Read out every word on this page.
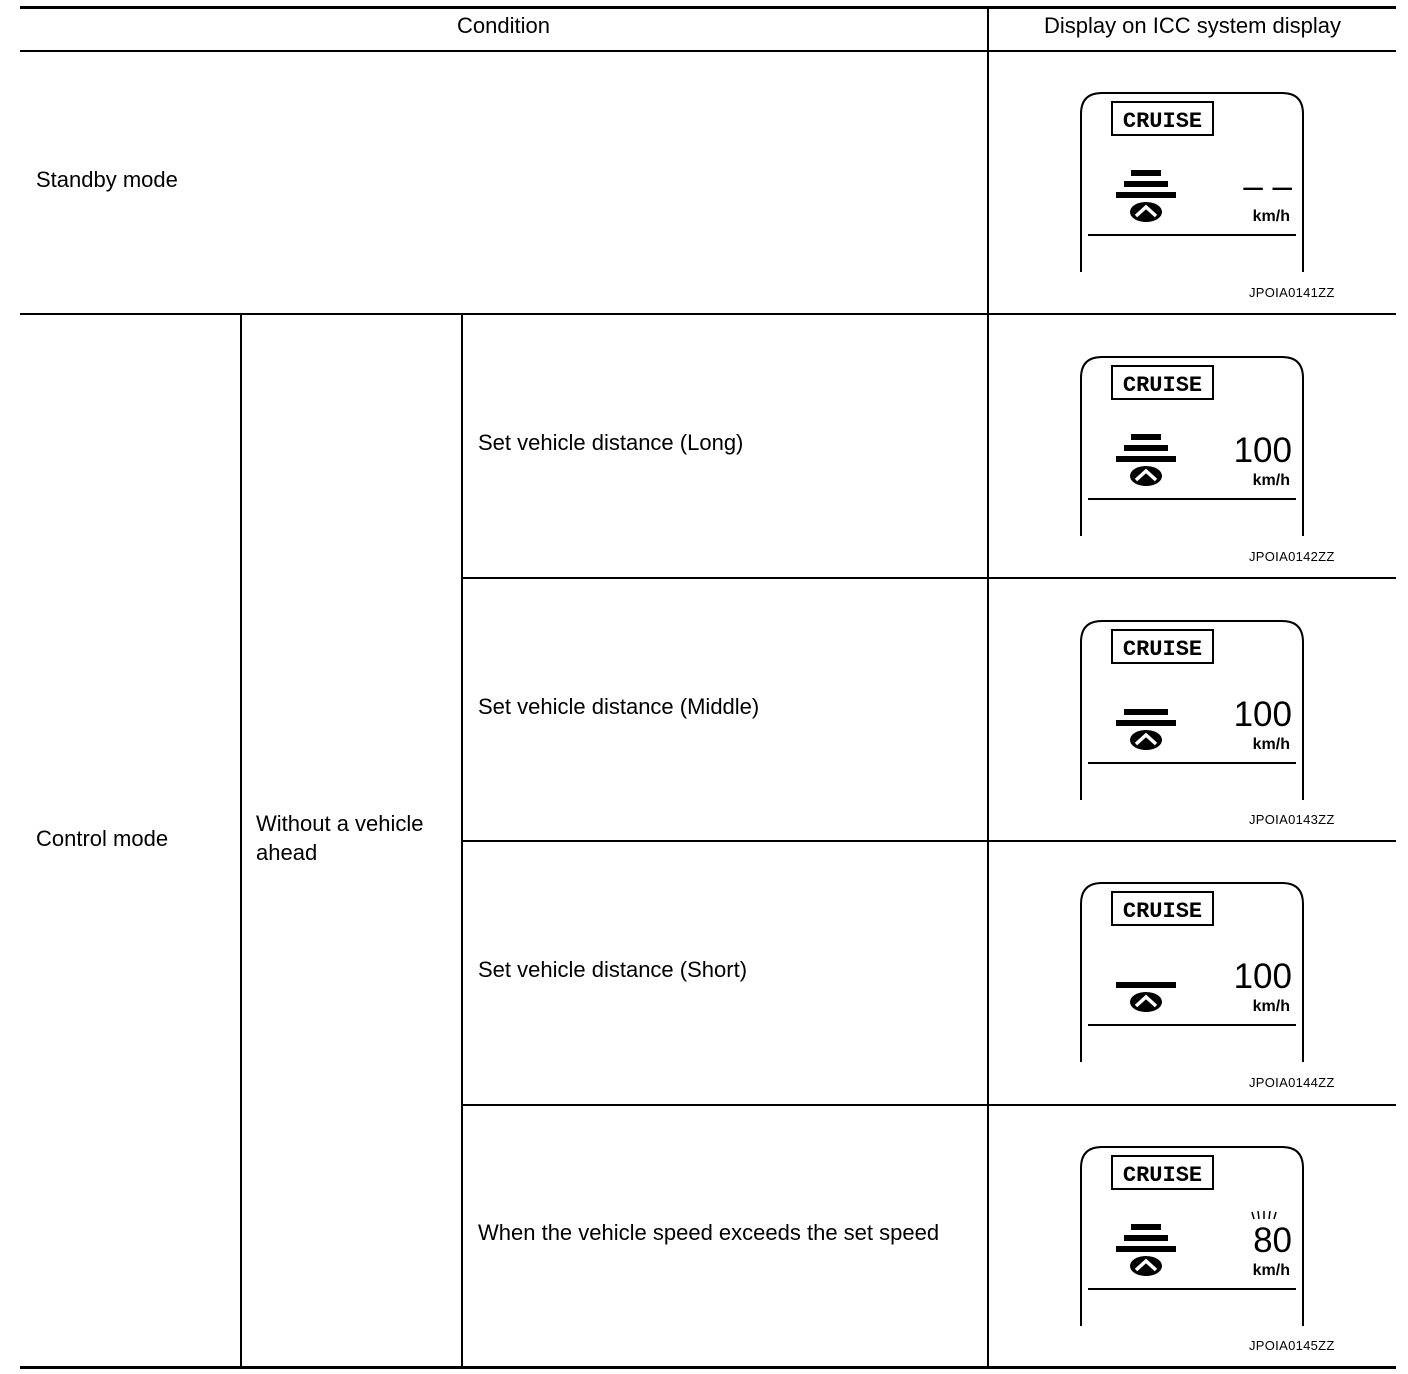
Condition	Display on ICC system display
Standby mode
Control mode
Without a vehicle
ahead
Set vehicle distance (Long)
Set vehicle distance (Middle)
Set vehicle distance (Short)
When the vehicle speed exceeds the set speed
CRUISE
– –
km/h
JPOIA0141ZZ
CRUISE
100
km/h
JPOIA0142ZZ
CRUISE
100
km/h
JPOIA0143ZZ
CRUISE
100
km/h
JPOIA0144ZZ
CRUISE
80
km/h
JPOIA0145ZZ
